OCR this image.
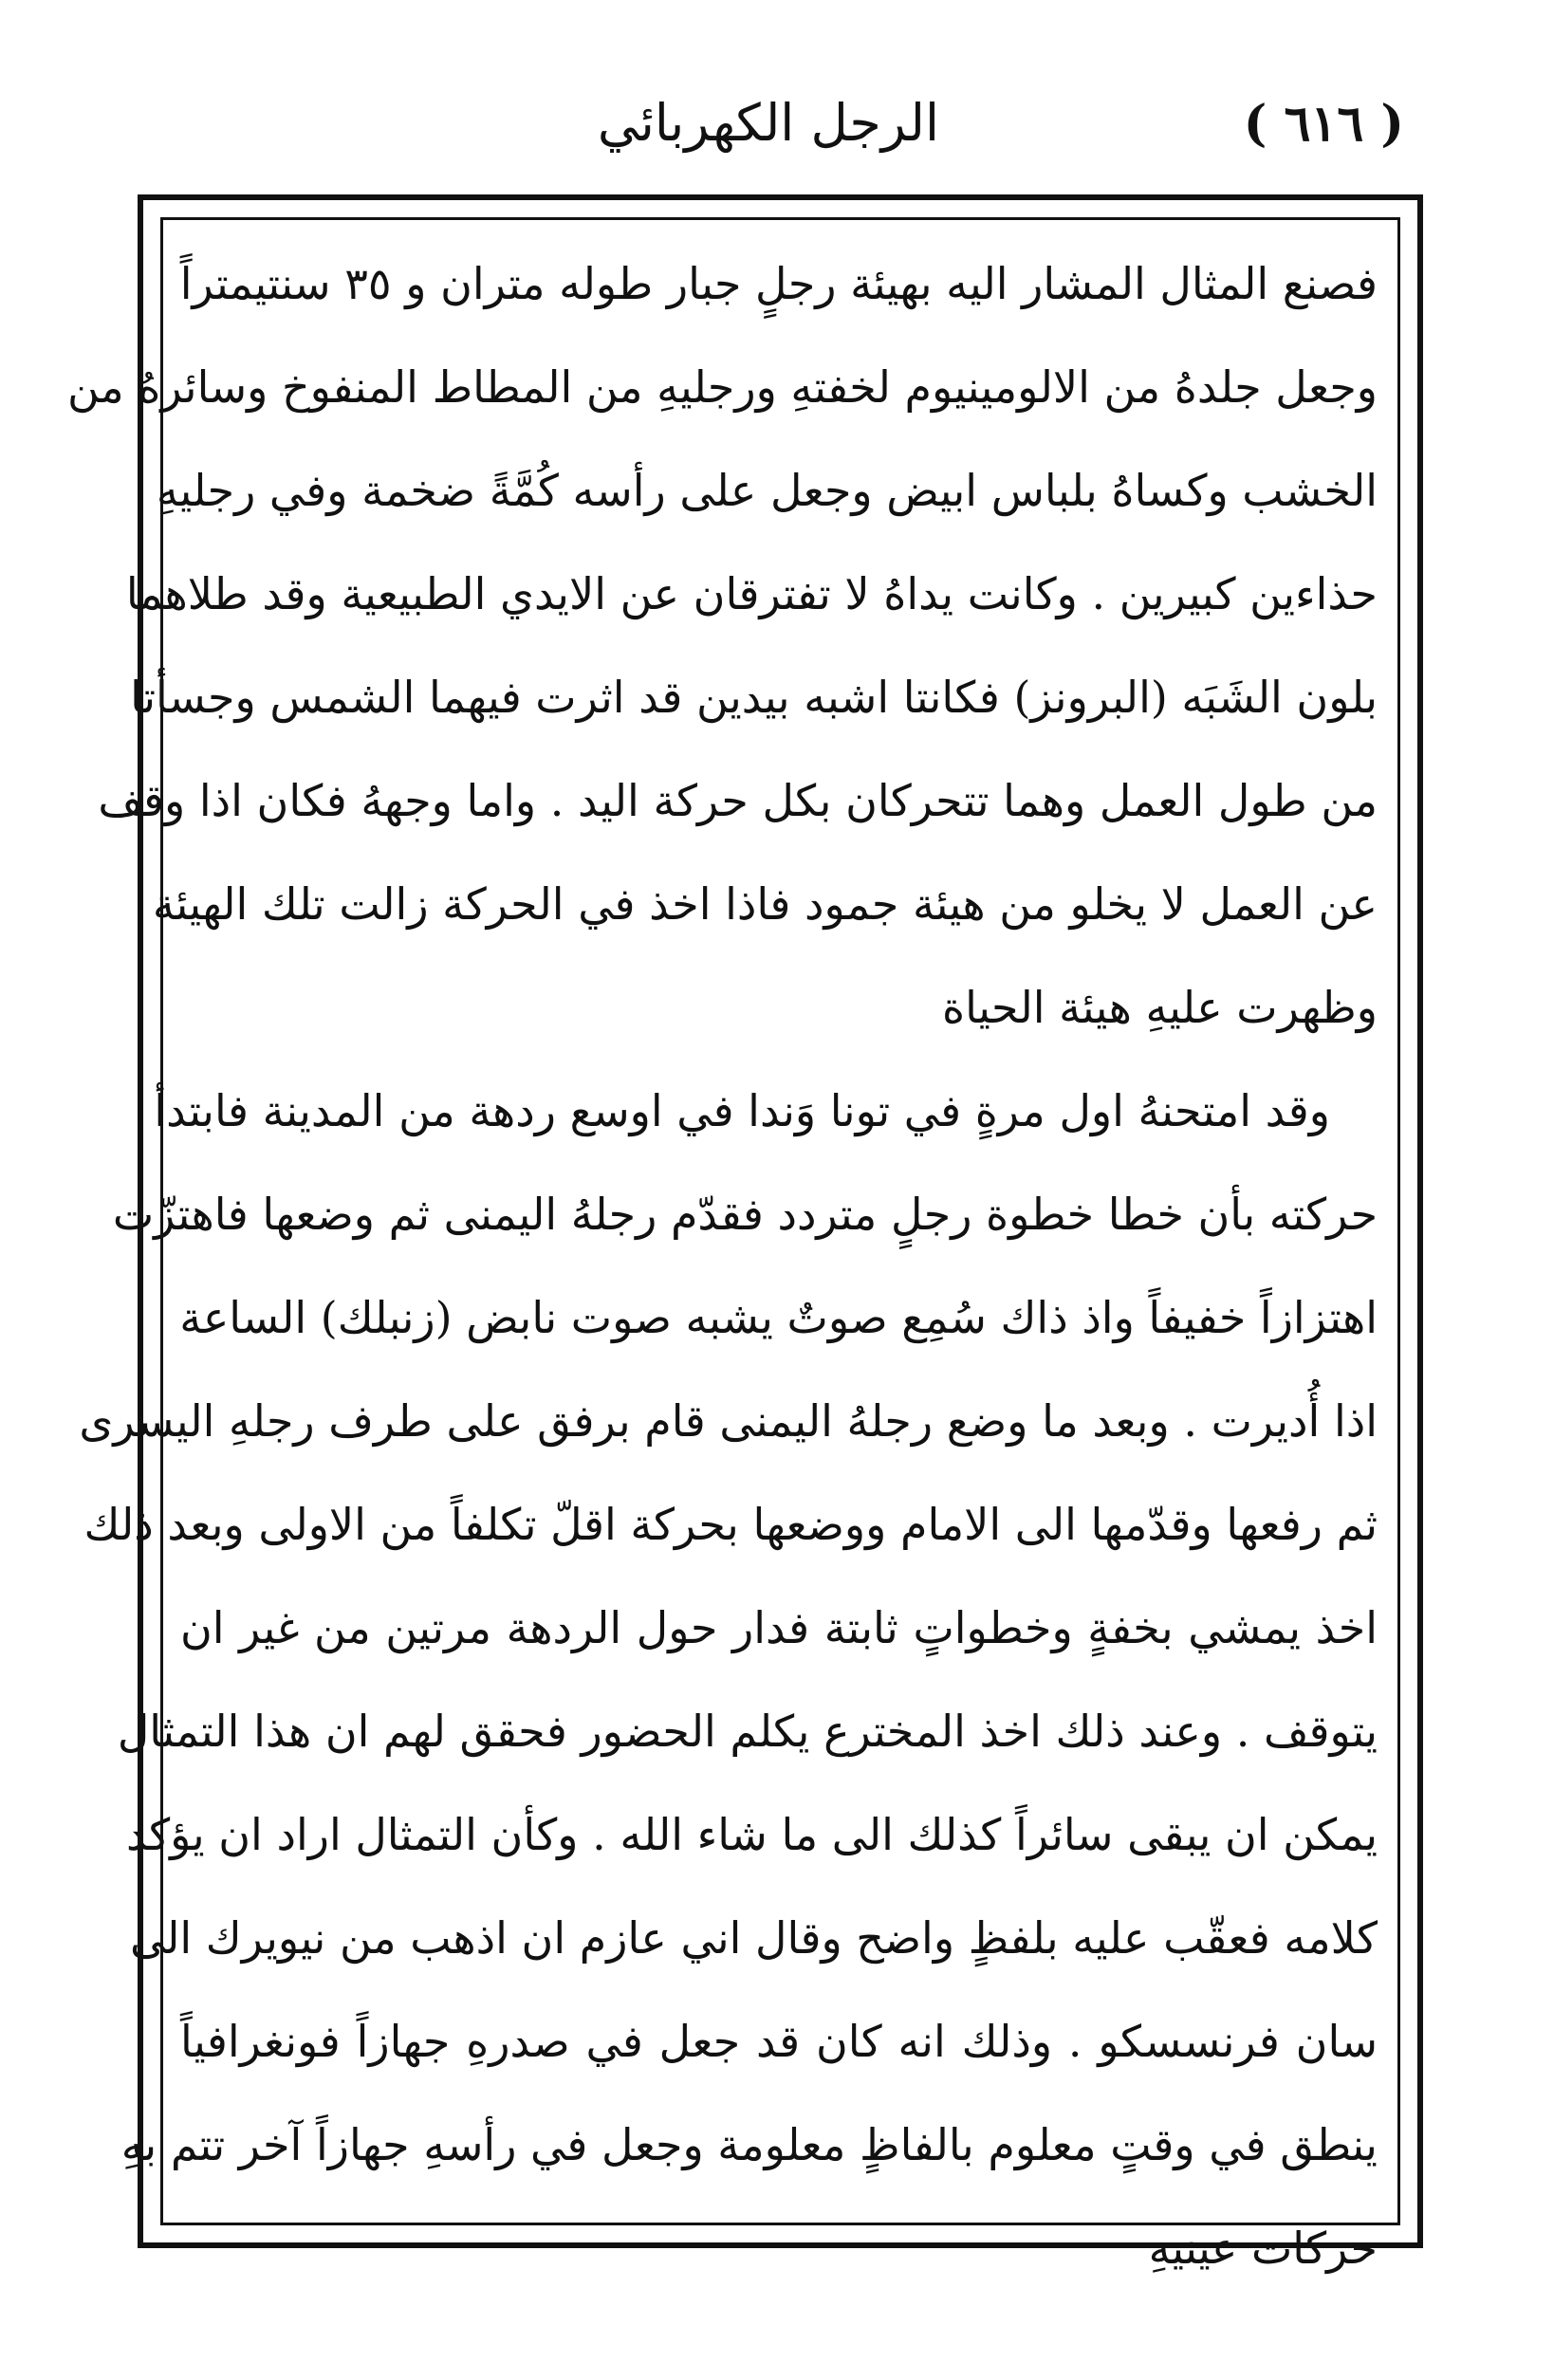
( ٦١٦ )
الرجل الكهربائي
فصنع المثال المشار اليه بهيئة رجلٍ جبار طوله متران و ٣٥ سنتيمتراً
وجعل جلدهُ من الالومينيوم لخفتهِ ورجليهِ من المطاط المنفوخ وسائرهُ من
الخشب وكساهُ بلباس ابيض وجعل على رأسه كُمَّةً ضخمة وفي رجليهِ
حذاءين كبيرين . وكانت يداهُ لا تفترقان عن الايدي الطبيعية وقد طلاهما
بلون الشَبَه (البرونز) فكانتا اشبه بيدين قد اثرت فيهما الشمس وجسأتا
من طول العمل وهما تتحركان بكل حركة اليد . واما وجههُ فكان اذا وقف
عن العمل لا يخلو من هيئة جمود فاذا اخذ في الحركة زالت تلك الهيئة
وظهرت عليهِ هيئة الحياة
وقد امتحنهُ اول مرةٍ في تونا وَندا في اوسع ردهة من المدينة فابتدأ
حركته بأن خطا خطوة رجلٍ متردد فقدّم رجلهُ اليمنى ثم وضعها فاهتزّت
اهتزازاً خفيفاً واذ ذاك سُمِع صوتٌ يشبه صوت نابض (زنبلك) الساعة
اذا أُديرت . وبعد ما وضع رجلهُ اليمنى قام برفق على طرف رجلهِ اليسرى
ثم رفعها وقدّمها الى الامام ووضعها بحركة اقلّ تكلفاً من الاولى وبعد ذلك
اخذ يمشي بخفةٍ وخطواتٍ ثابتة فدار حول الردهة مرتين من غير ان
يتوقف . وعند ذلك اخذ المخترع يكلم الحضور فحقق لهم ان هذا التمثال
يمكن ان يبقى سائراً كذلك الى ما شاء الله . وكأن التمثال اراد ان يؤكد
كلامه فعقّب عليه بلفظٍ واضح وقال اني عازم ان اذهب من نيويرك الى
سان فرنسسكو . وذلك انه كان قد جعل في صدرهِ جهازاً فونغرافياً
ينطق في وقتٍ معلوم بالفاظٍ معلومة وجعل في رأسهِ جهازاً آخر تتم بهِ
حركات عينيهِ
